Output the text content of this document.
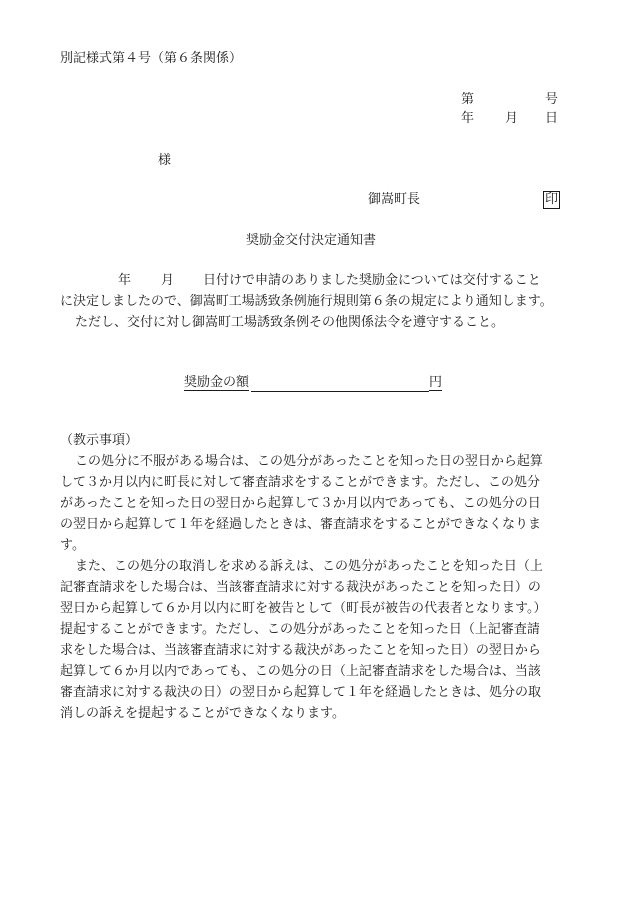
別記様式第４号（第６条関係）
第	号
年 月 日
様
御嵩町長	印
奨励金交付決定通知書
年 月 日付けで申請のありました奨励金については交付すること
に決定しましたので、御嵩町工場誘致条例施行規則第６条の規定により通知します。
ただし、交付に対し御嵩町工場誘致条例その他関係法令を遵守すること。
奨励金の額	円
（教示事項）
この処分に不服がある場合は、この処分があったことを知った日の翌日から起算
して３か月以内に町長に対して審査請求をすることができます。ただし、この処分
があったことを知った日の翌日から起算して３か月以内であっても、この処分の日
の翌日から起算して１年を経過したときは、審査請求をすることができなくなりま
す。
また、この処分の取消しを求める訴えは、この処分があったことを知った日（上
記審査請求をした場合は、当該審査請求に対する裁決があったことを知った日）の
翌日から起算して６か月以内に町を被告として（町長が被告の代表者となります。）
提起することができます。ただし、この処分があったことを知った日（上記審査請
求をした場合は、当該審査請求に対する裁決があったことを知った日）の翌日から
起算して６か月以内であっても、この処分の日（上記審査請求をした場合は、当該
審査請求に対する裁決の日）の翌日から起算して１年を経過したときは、処分の取
消しの訴えを提起することができなくなります。
